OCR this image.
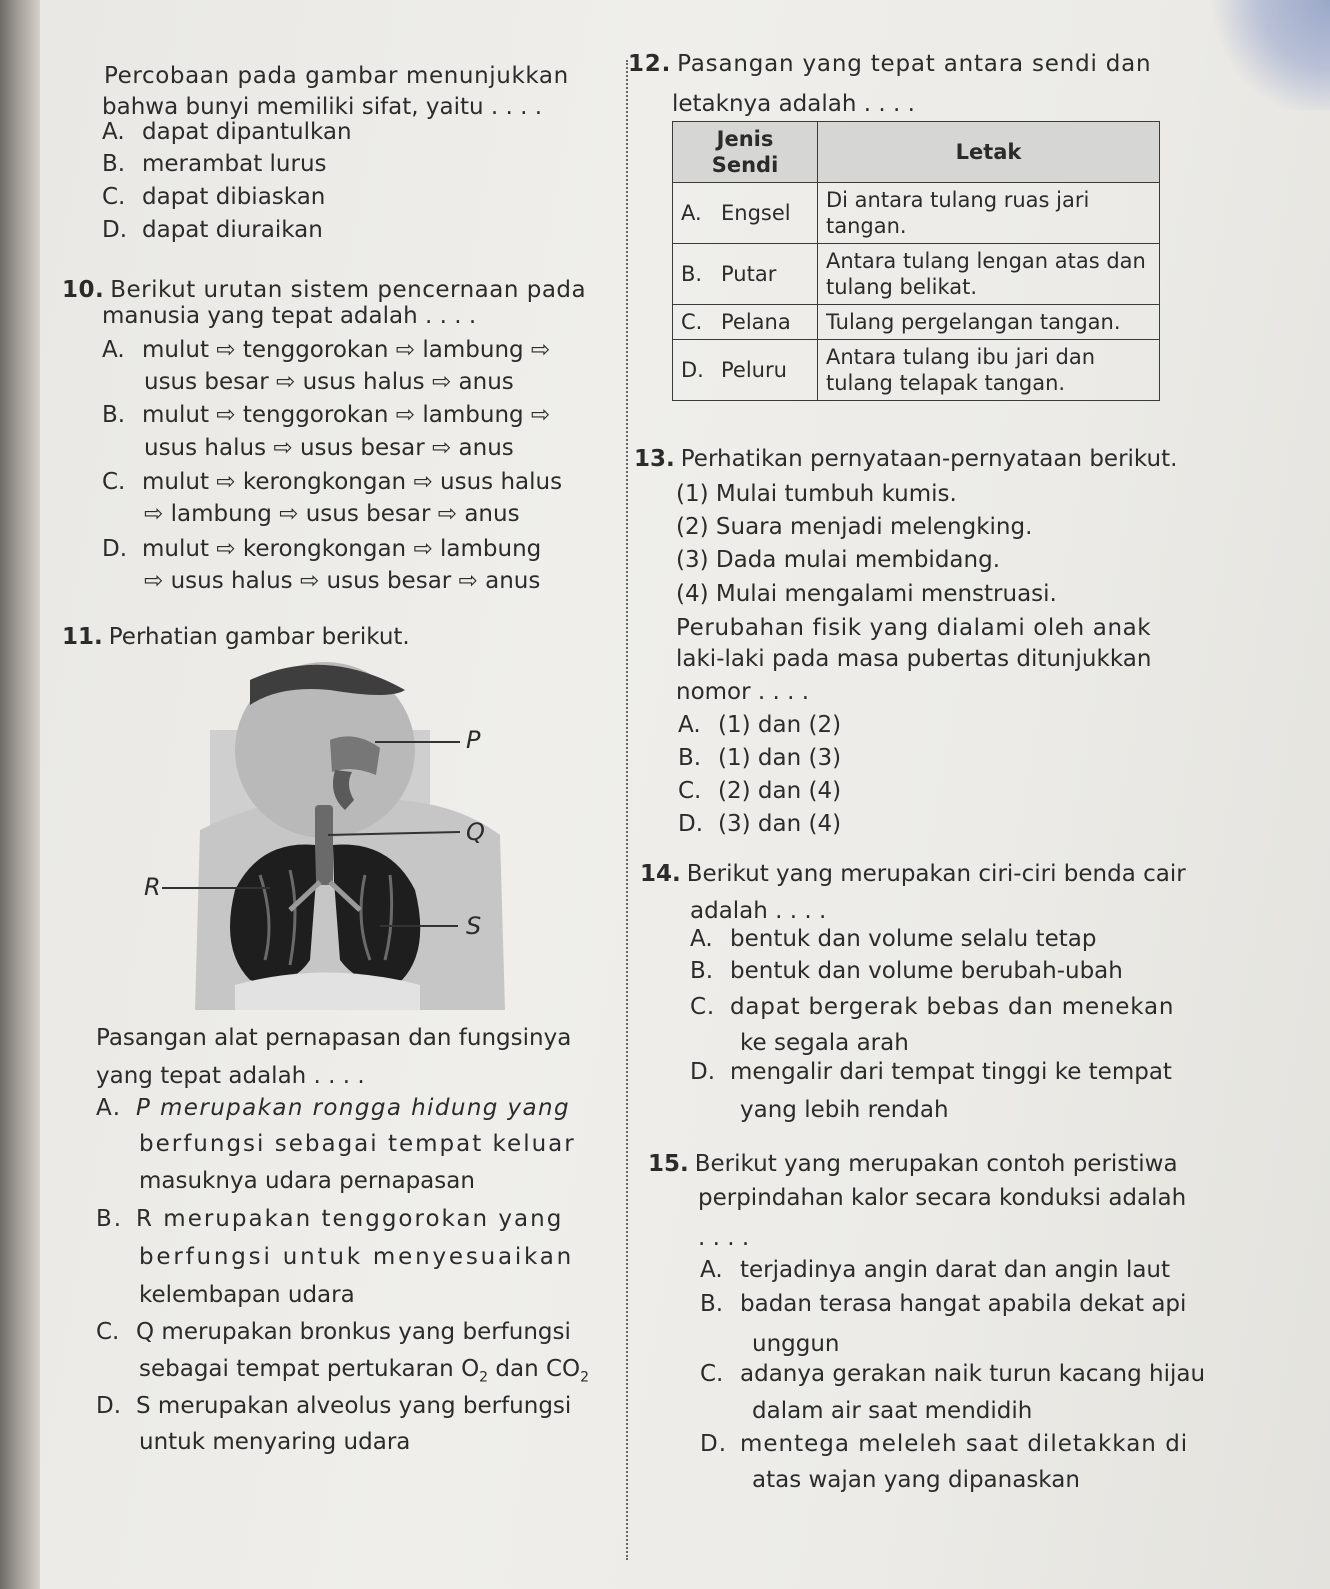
Percobaan pada gambar menunjukkan
bahwa bunyi memiliki sifat, yaitu . . . .
A. dapat dipantulkan
B. merambat lurus
C. dapat dibiaskan
D. dapat diuraikan
10. Berikut urutan sistem pencernaan pada
manusia yang tepat adalah . . . .
A. mulut ⇨ tenggorokan ⇨ lambung ⇨
usus besar ⇨ usus halus ⇨ anus
B. mulut ⇨ tenggorokan ⇨ lambung ⇨
usus halus ⇨ usus besar ⇨ anus
C. mulut ⇨ kerongkongan ⇨ usus halus
⇨ lambung ⇨ usus besar ⇨ anus
D. mulut ⇨ kerongkongan ⇨ lambung
⇨ usus halus ⇨ usus besar ⇨ anus
11. Perhatian gambar berikut.
P
Q
R
S
Pasangan alat pernapasan dan fungsinya
yang tepat adalah . . . .
A. P merupakan rongga hidung yang
berfungsi sebagai tempat keluar
masuknya udara pernapasan
B. R merupakan tenggorokan yang
berfungsi untuk menyesuaikan
kelembapan udara
C. Q merupakan bronkus yang berfungsi
sebagai tempat pertukaran $O_2$ dan $CO_2$
D. S merupakan alveolus yang berfungsi
untuk menyaring udara
12. Pasangan yang tepat antara sendi dan
letaknya adalah . . . .
Jenis Sendi	Letak
A. Engsel	Di antara tulang ruas jari tangan.
B. Putar	Antara tulang lengan atas dan tulang belikat.
C. Pelana	Tulang pergelangan tangan.
D. Peluru	Antara tulang ibu jari dan tulang telapak tangan.
13. Perhatikan pernyataan-pernyataan berikut.
(1) Mulai tumbuh kumis.
(2) Suara menjadi melengking.
(3) Dada mulai membidang.
(4) Mulai mengalami menstruasi.
Perubahan fisik yang dialami oleh anak
laki-laki pada masa pubertas ditunjukkan
nomor . . . .
A. (1) dan (2)
B. (1) dan (3)
C. (2) dan (4)
D. (3) dan (4)
14. Berikut yang merupakan ciri-ciri benda cair
adalah . . . .
A. bentuk dan volume selalu tetap
B. bentuk dan volume berubah-ubah
C. dapat bergerak bebas dan menekan
ke segala arah
D. mengalir dari tempat tinggi ke tempat
yang lebih rendah
15. Berikut yang merupakan contoh peristiwa
perpindahan kalor secara konduksi adalah
. . . .
A. terjadinya angin darat dan angin laut
B. badan terasa hangat apabila dekat api
unggun
C. adanya gerakan naik turun kacang hijau
dalam air saat mendidih
D. mentega meleleh saat diletakkan di
atas wajan yang dipanaskan
